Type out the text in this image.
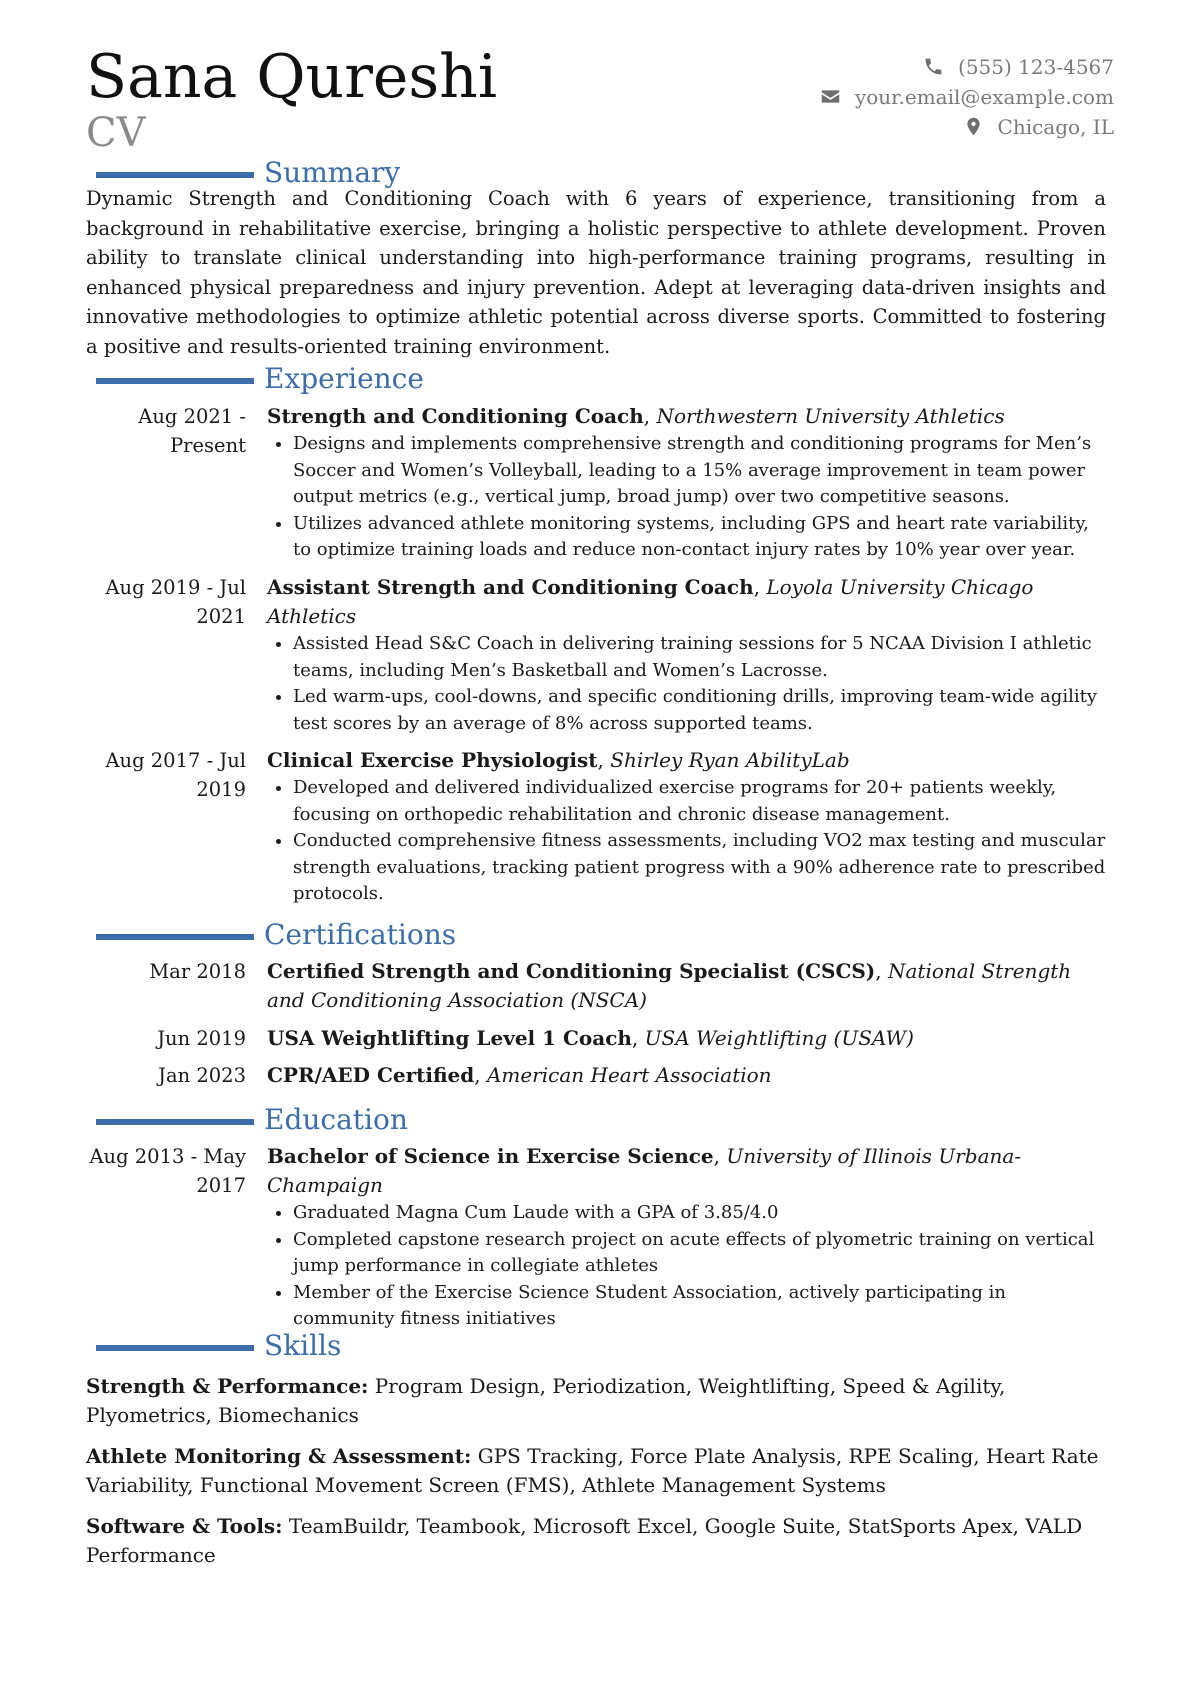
Sana Qureshi
CV
(555) 123-4567
your.email@example.com
Chicago, IL
Summary
Dynamic Strength and Conditioning Coach with 6 years of experience, transitioning from a background in rehabilitative exercise, bringing a holistic perspective to athlete development. Proven ability to translate clinical understanding into high-performance training programs, resulting in enhanced physical preparedness and injury prevention. Adept at leveraging data-driven insights and innovative methodologies to optimize athletic potential across diverse sports. Committed to fostering a positive and results-oriented training environment.
Experience
Aug 2021 - Present
Strength and Conditioning Coach, Northwestern University Athletics
• Designs and implements comprehensive strength and conditioning programs for Men’s Soccer and Women’s Volleyball, leading to a 15% average improvement in team power output metrics (e.g., vertical jump, broad jump) over two competitive seasons.
• Utilizes advanced athlete monitoring systems, including GPS and heart rate variability, to optimize training loads and reduce non-contact injury rates by 10% year over year.
Aug 2019 - Jul 2021
Assistant Strength and Conditioning Coach, Loyola University Chicago Athletics
• Assisted Head S&C Coach in delivering training sessions for 5 NCAA Division I athletic teams, including Men’s Basketball and Women’s Lacrosse.
• Led warm-ups, cool-downs, and specific conditioning drills, improving team-wide agility test scores by an average of 8% across supported teams.
Aug 2017 - Jul 2019
Clinical Exercise Physiologist, Shirley Ryan AbilityLab
• Developed and delivered individualized exercise programs for 20+ patients weekly, focusing on orthopedic rehabilitation and chronic disease management.
• Conducted comprehensive fitness assessments, including VO2 max testing and muscular strength evaluations, tracking patient progress with a 90% adherence rate to prescribed protocols.
Certifications
Mar 2018 Certified Strength and Conditioning Specialist (CSCS), National Strength and Conditioning Association (NSCA)
Jun 2019 USA Weightlifting Level 1 Coach, USA Weightlifting (USAW)
Jan 2023 CPR/AED Certified, American Heart Association
Education
Aug 2013 - May 2017
Bachelor of Science in Exercise Science, University of Illinois Urbana-Champaign
• Graduated Magna Cum Laude with a GPA of 3.85/4.0
• Completed capstone research project on acute effects of plyometric training on vertical jump performance in collegiate athletes
• Member of the Exercise Science Student Association, actively participating in community fitness initiatives
Skills
Strength & Performance: Program Design, Periodization, Weightlifting, Speed & Agility, Plyometrics, Biomechanics
Athlete Monitoring & Assessment: GPS Tracking, Force Plate Analysis, RPE Scaling, Heart Rate Variability, Functional Movement Screen (FMS), Athlete Management Systems
Software & Tools: TeamBuildr, Teambook, Microsoft Excel, Google Suite, StatSports Apex, VALD Performance
